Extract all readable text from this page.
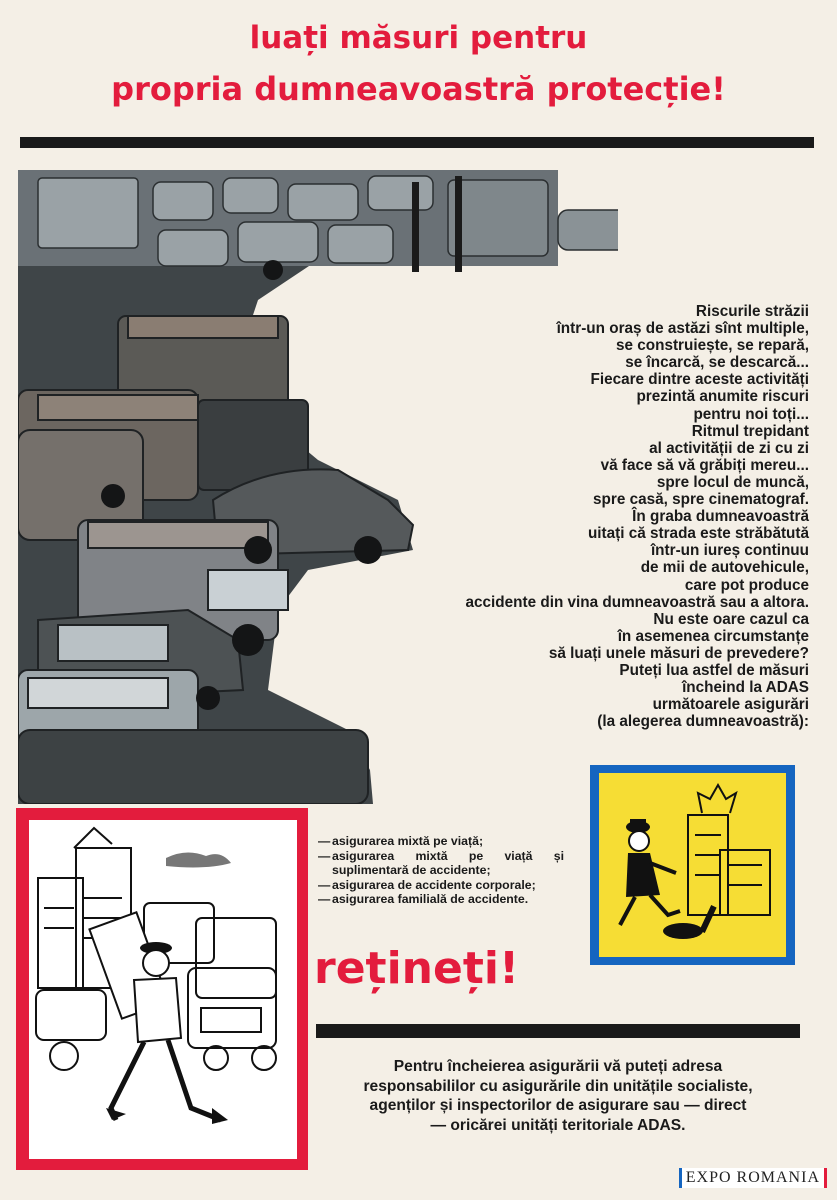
luați măsuri pentru
propria dumneavoastră protecție!
Riscurile străzii
într-un oraș de astăzi sînt multiple,
se construiește, se repară,
se încarcă, se descarcă...
Fiecare dintre aceste activități
prezintă anumite riscuri
pentru noi toți...
Ritmul trepidant
al activității de zi cu zi
vă face să vă grăbiți mereu...
spre locul de muncă,
spre casă, spre cinematograf.
În graba dumneavoastră
uitați că strada este străbătută
într-un iureș continuu
de mii de autovehicule,
care pot produce
accidente din vina dumneavoastră sau a altora.
Nu este oare cazul ca
în asemenea circumstanțe
să luați unele măsuri de prevedere?
Puteți lua astfel de măsuri
încheind la ADAS
următoarele asigurări
(la alegerea dumneavoastră):
— asigurarea mixtă pe viață;
— asigurarea mixtă pe viață și suplimentară de accidente;
— asigurarea de accidente corporale;
— asigurarea familială de accidente.
rețineți!
Pentru încheierea asigurării vă puteți adresa
responsabililor cu asigurările din unitățile socialiste,
agenților și inspectorilor de asigurare sau — direct
— oricărei unități teritoriale ADAS.
EXPO ROMANIA
